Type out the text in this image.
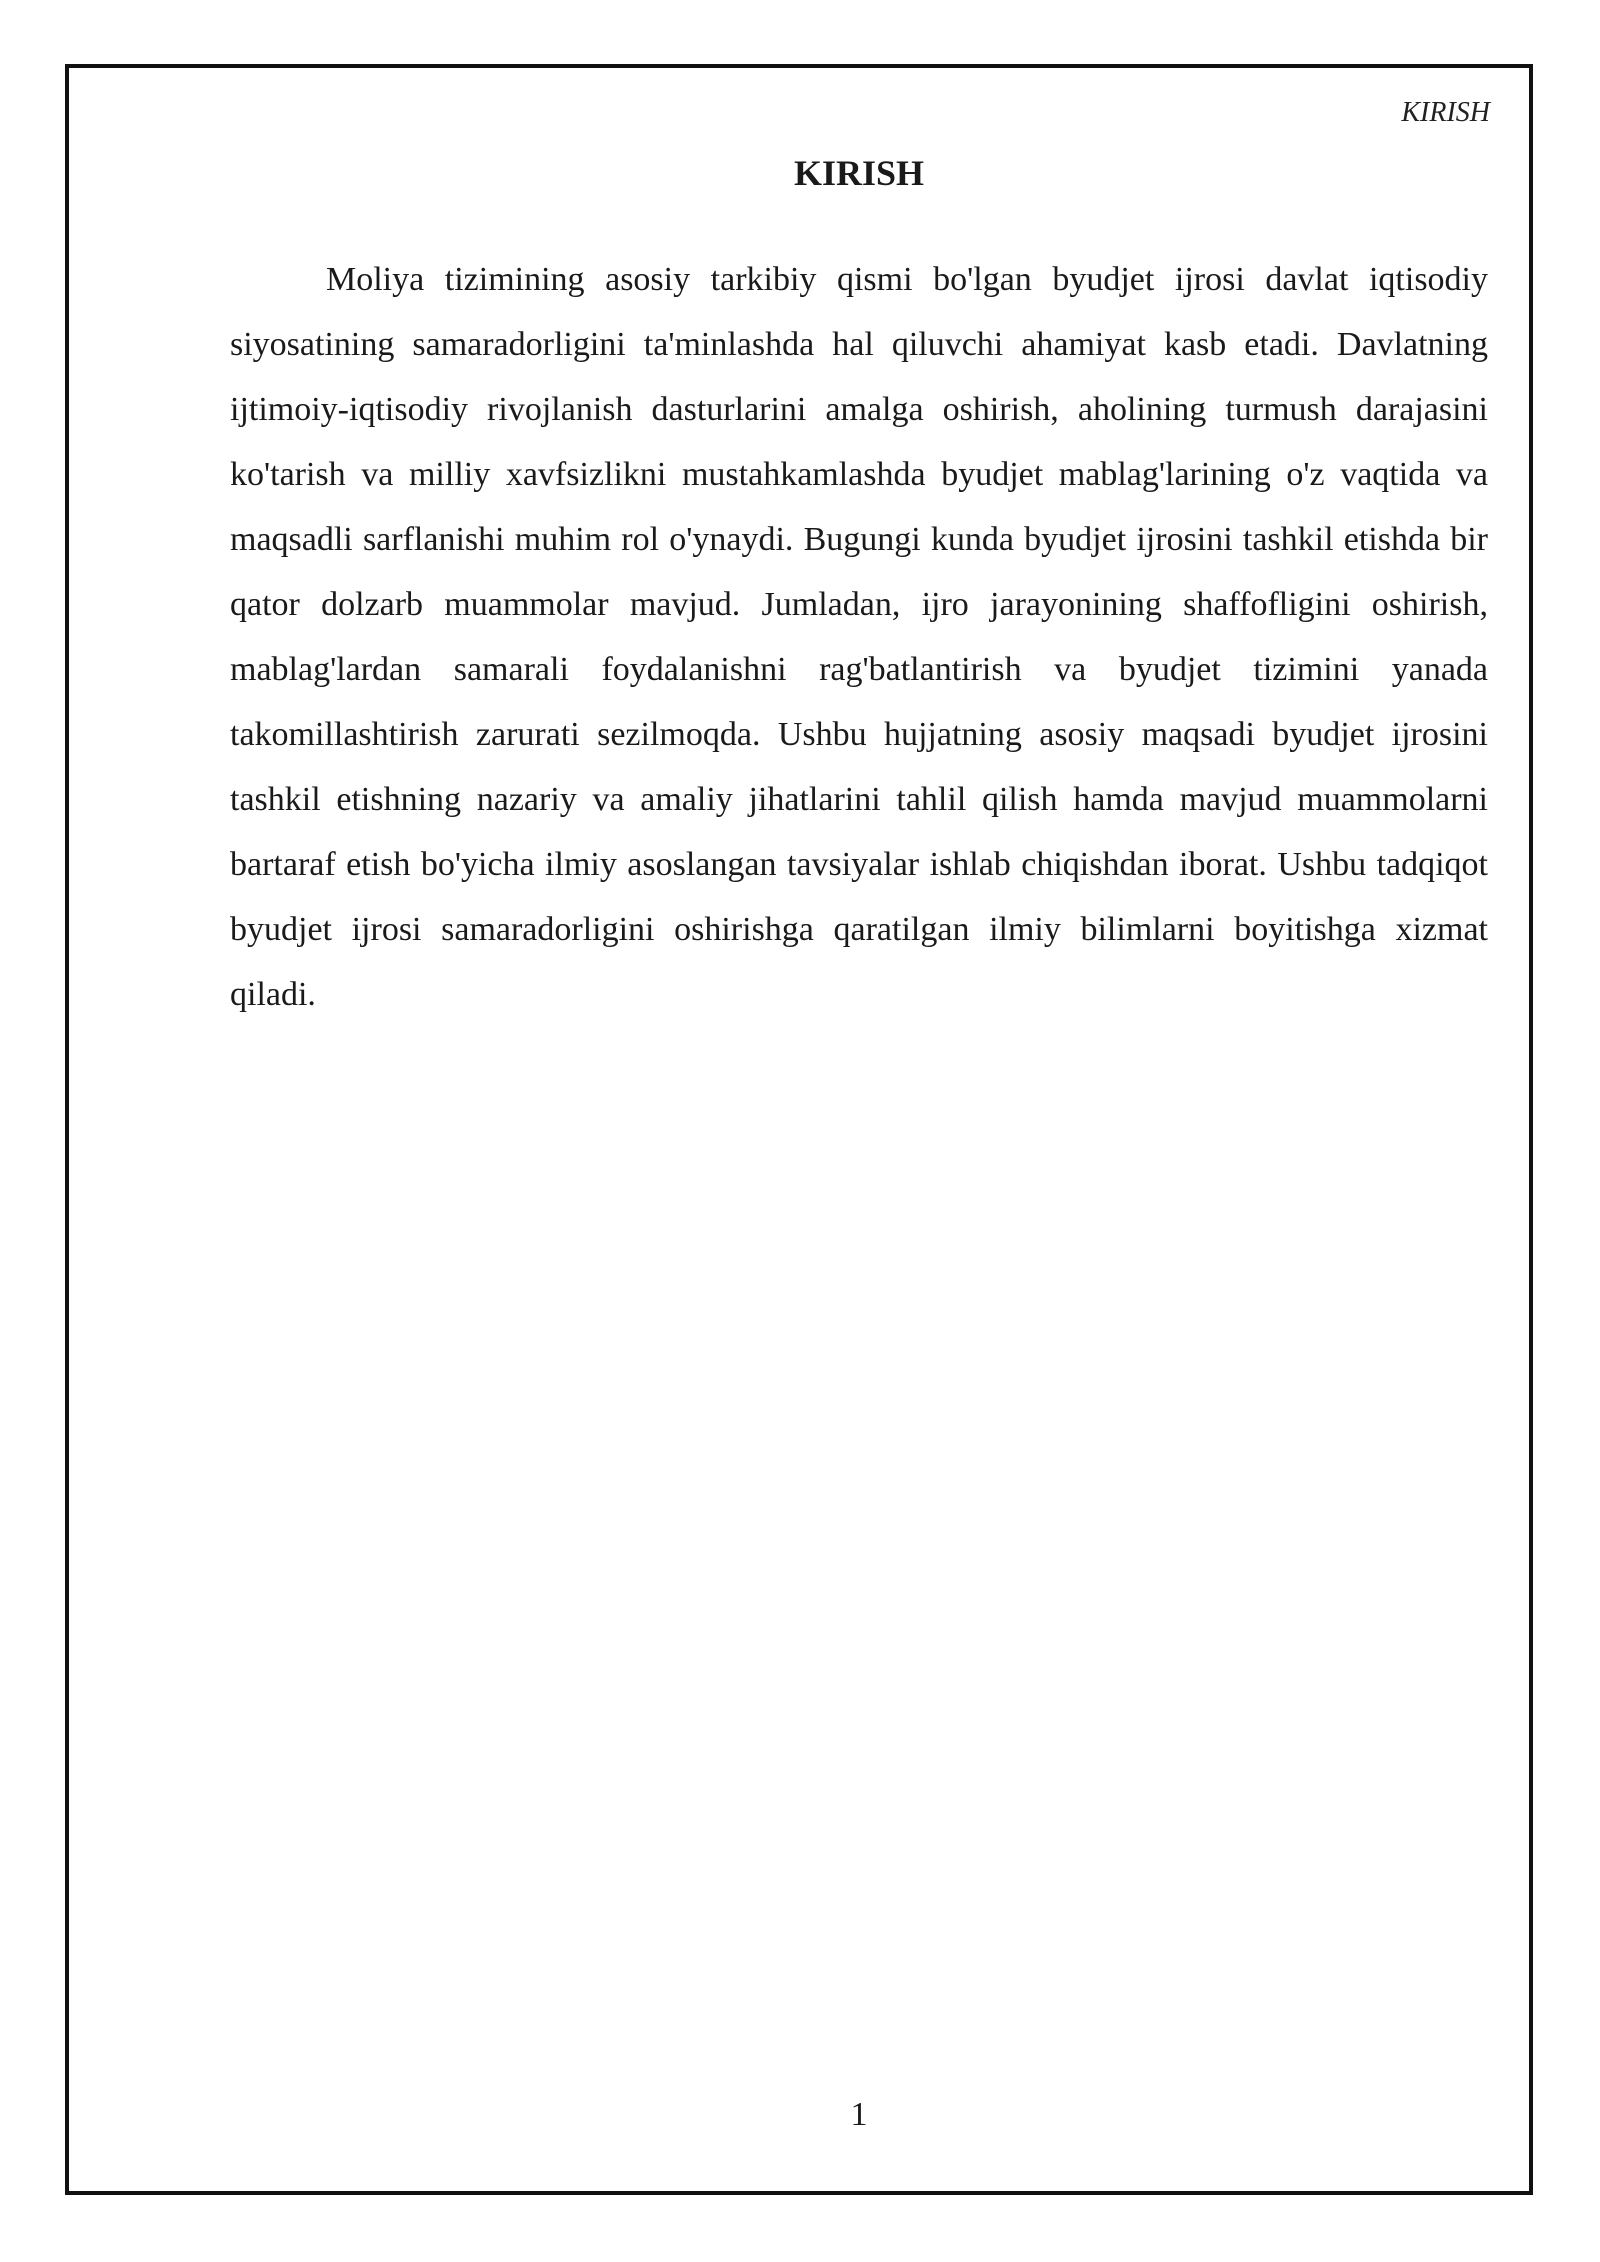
KIRISH
KIRISH

Moliya tizimining asosiy tarkibiy qismi bo'lgan byudjet ijrosi davlat iqtisodiy siyosatining samaradorligini ta'minlashda hal qiluvchi ahamiyat kasb etadi. Davlatning ijtimoiy-iqtisodiy rivojlanish dasturlarini amalga oshirish, aholining turmush darajasini ko'tarish va milliy xavfsizlikni mustahkamlashda byudjet mablag'larining o'z vaqtida va maqsadli sarflanishi muhim rol o'ynaydi. Bugungi kunda byudjet ijrosini tashkil etishda bir qator dolzarb muammolar mavjud. Jumladan, ijro jarayonining shaffofligini oshirish, mablag'lardan samarali foydalanishni rag'batlantirish va byudjet tizimini yanada takomillashtirish zarurati sezilmoqda. Ushbu hujjatning asosiy maqsadi byudjet ijrosini tashkil etishning nazariy va amaliy jihatlarini tahlil qilish hamda mavjud muammolarni bartaraf etish bo'yicha ilmiy asoslangan tavsiyalar ishlab chiqishdan iborat. Ushbu tadqiqot byudjet ijrosi samaradorligini oshirishga qaratilgan ilmiy bilimlarni boyitishga xizmat qiladi.

1
